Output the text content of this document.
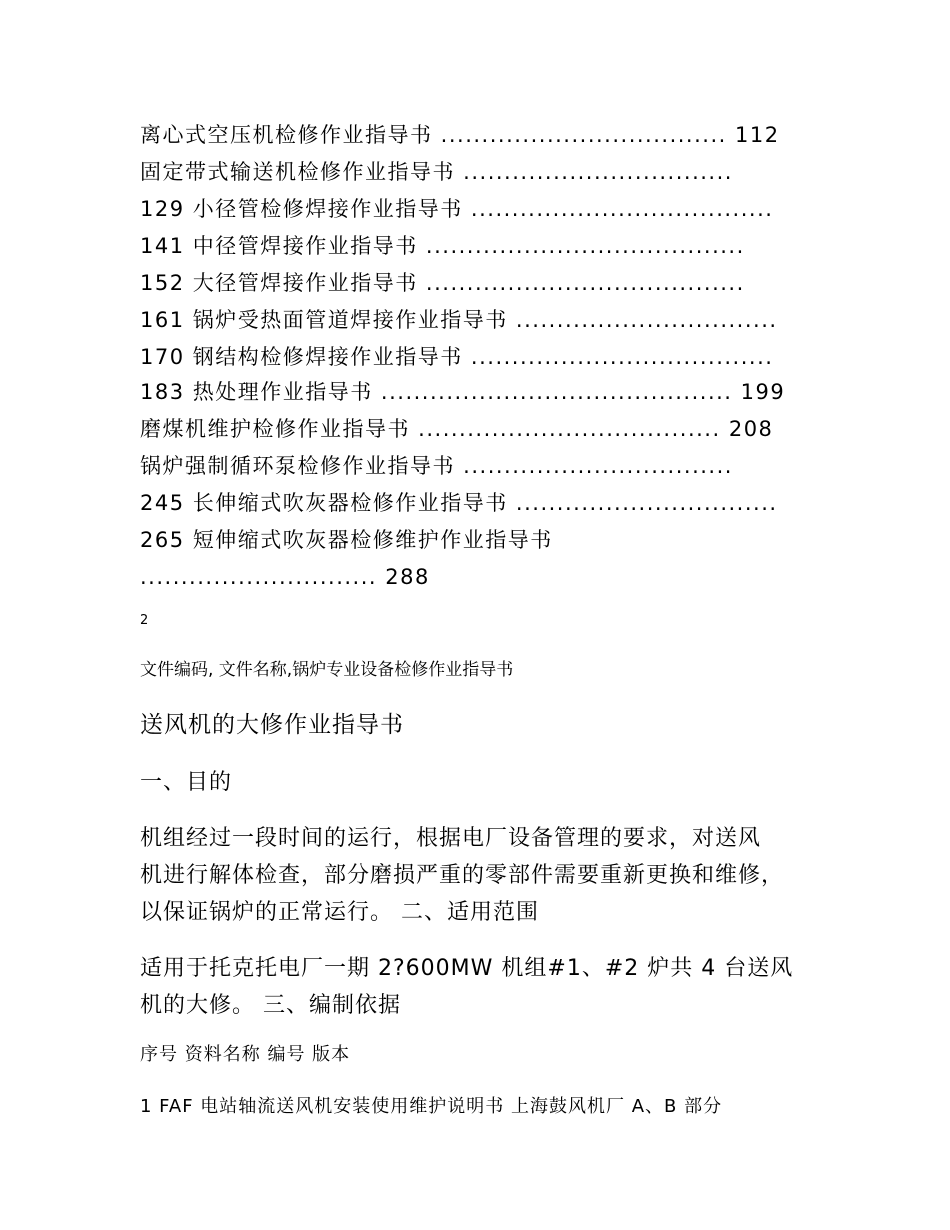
离心式空压机检修作业指导书 ................................... 112
固定带式输送机检修作业指导书 .................................
129 小径管检修焊接作业指导书 .....................................
141 中径管焊接作业指导书 .......................................
152 大径管焊接作业指导书 .......................................
161 锅炉受热面管道焊接作业指导书 ................................
170 钢结构检修焊接作业指导书 .....................................
183 热处理作业指导书 ........................................... 199
磨煤机维护检修作业指导书 ..................................... 208
锅炉强制循环泵检修作业指导书 .................................
245 长伸缩式吹灰器检修作业指导书 ................................
265 短伸缩式吹灰器检修维护作业指导书
............................. 288
2
文件编码, 文件名称,锅炉专业设备检修作业指导书
送风机的大修作业指导书
一、目的
机组经过一段时间的运行，根据电厂设备管理的要求，对送风
机进行解体检查，部分磨损严重的零部件需要重新更换和维修，
以保证锅炉的正常运行。 二、适用范围
适用于托克托电厂一期 2?600MW 机组#1、#2 炉共 4 台送风
机的大修。 三、编制依据
序号 资料名称 编号 版本
1 FAF 电站轴流送风机安装使用维护说明书 上海鼓风机厂 A、B 部分
